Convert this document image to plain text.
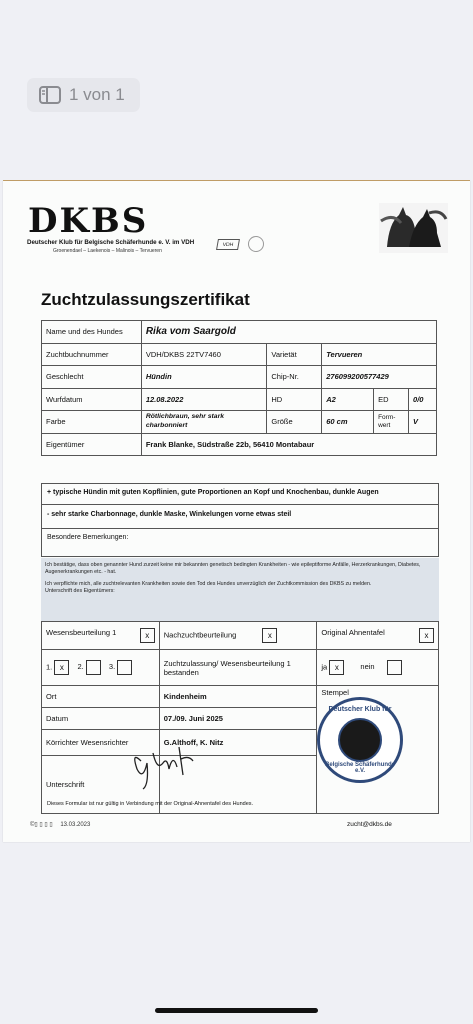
1 von 1
DKBS
Deutscher Klub für Belgische Schäferhunde e. V. im VDH
Groenendael – Laekenois – Malinois – Tervueren
VDH
Zuchtzulassungszertifikat
Name und des Hundes	Rika vom Saargold				
Zuchtbuchnummer	VDH/DKBS 22TV7460	Varietät	Tervueren		
Geschlecht	Hündin	Chip-Nr.	276099200577429		
Wurfdatum	12.08.2022	HD	A2	ED	0/0
Farbe	Rötlichbraun, sehr stark charbonniert	Größe	60 cm	Form-wert	V
Eigentümer	Frank Blanke, Südstraße 22b, 56410 Montabaur				
+ typische Hündin mit guten Kopflinien, gute Proportionen an Kopf und Knochenbau, dunkle Augen
- sehr starke Charbonnage, dunkle Maske, Winkelungen vorne etwas steil
Besondere Bemerkungen:
Ich bestätige, dass oben genannter Hund zurzeit keine mir bekannten genetisch bedingten Krankheiten - wie epileptiforme Anfälle, Herzerkrankungen, Diabetes, Augenerkrankungen etc. - hat.
Ich verpflichte mich, alle zuchtrelevanten Krankheiten sowie den Tod des Hundes unverzüglich der Zuchtkommission des DKBS zu melden.
Unterschrift des Eigentümers:
Wesensbeurteilung 1 x	Nachzuchtbeurteilung x	Original Ahnentafel x

1. x 2. 3.	Zuchtzulassung/ Wesensbeurteilung 1 bestanden	ja x nein
Ort	Kindenheim	Stempel
Datum	07./09. Juni 2025	
Körrichter Wesensrichter	G.Althoff, K. Nitz	
Unterschrift		
Deutscher Klub für
Belgische Schäferhunde e.V.
Dieses Formular ist nur gültig in Verbindung mit der Original-Ahnentafel des Hundes.
©▯ ▯ ▯ ▯ 13.03.2023	zucht@dkbs.de
